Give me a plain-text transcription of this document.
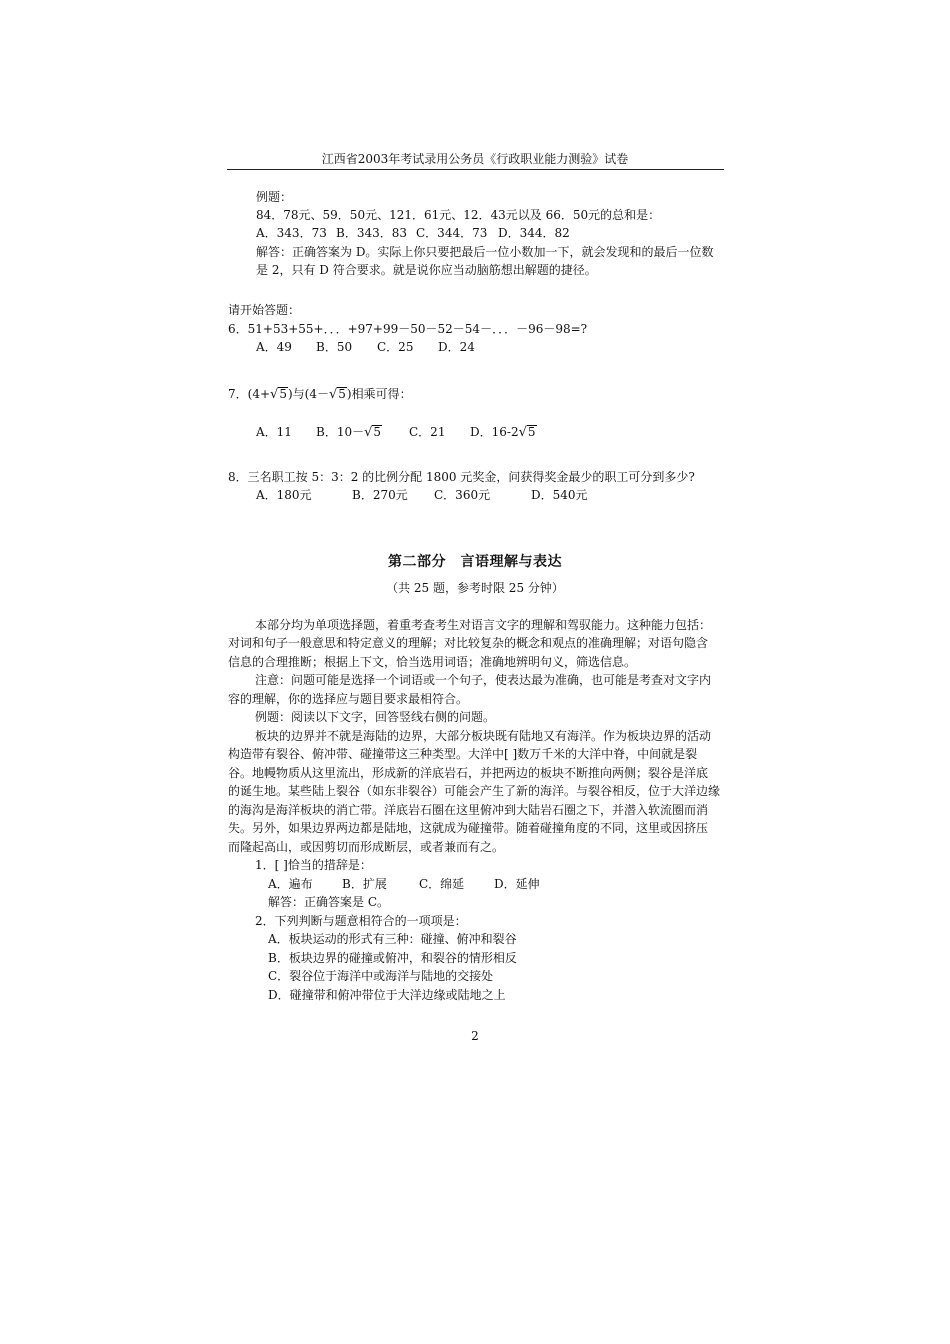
江西省2003年考试录用公务员《行政职业能力测验》试卷
例题：
84．78元、59．50元、121．61元、12．43元以及 66．50元的总和是：
A．343．73 B．343．83 C．344．73 D．344．82
解答：正确答案为 D。实际上你只要把最后一位小数加一下，就会发现和的最后一位数
是 2，只有 D 符合要求。就是说你应当动脑筋想出解题的捷径。
请开始答题：
6．51+53+55+．．．+97+99－50－52－54－．．．－96－98=?
A．49 B．50 C．25 D．24
7．(4+√5)与(4－√5)相乘可得：
A．11 B．10－√5 C．21 D．16-2√5
8．三名职工按 5：3：2 的比例分配 1800 元奖金，问获得奖金最少的职工可分到多少?
A．180元	B．270元 C．360元	D．540元
第二部分　言语理解与表达
（共 25 题，参考时限 25 分钟）
本部分均为单项选择题，着重考查考生对语言文字的理解和驾驭能力。这种能力包括：
对词和句子一般意思和特定意义的理解；对比较复杂的概念和观点的准确理解；对语句隐含
信息的合理推断；根据上下文，恰当选用词语；准确地辨明句义，筛选信息。
注意：问题可能是选择一个词语或一个句子，使表达最为准确，也可能是考查对文字内
容的理解，你的选择应与题目要求最相符合。
例题：阅读以下文字，回答竖线右侧的问题。
板块的边界并不就是海陆的边界，大部分板块既有陆地又有海洋。作为板块边界的活动
构造带有裂谷、俯冲带、碰撞带这三种类型。大洋中[ ]数万千米的大洋中脊，中间就是裂
谷。地幔物质从这里流出，形成新的洋底岩石，并把两边的板块不断推向两侧；裂谷是洋底
的诞生地。某些陆上裂谷（如东非裂谷）可能会产生了新的海洋。与裂谷相反，位于大洋边缘
的海沟是海洋板块的消亡带。洋底岩石圈在这里俯冲到大陆岩石圈之下，并潜入软流圈而消
失。另外，如果边界两边都是陆地，这就成为碰撞带。随着碰撞角度的不同，这里或因挤压
而隆起高山，或因剪切而形成断层，或者兼而有之。
1．[ ]恰当的措辞是：
A．遍布 B．扩展	C．绵延 D．延伸
解答：正确答案是 C。
2．下列判断与题意相符合的一项项是：
A．板块运动的形式有三种：碰撞、俯冲和裂谷
B．板块边界的碰撞或俯冲，和裂谷的情形相反
C．裂谷位于海洋中或海洋与陆地的交接处
D．碰撞带和俯冲带位于大洋边缘或陆地之上
2
